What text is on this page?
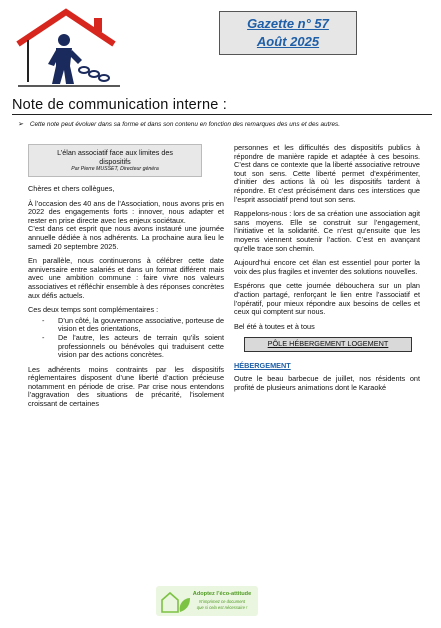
Gazette n° 57
Août 2025
Note de communication interne :
➢ Cette note peut évoluer dans sa forme et dans son contenu en fonction des remarques des uns et des autres.
L’élan associatif face aux limites des
dispositifs
Par Pierre MUSSET, Directeur généra
Chères et chers collègues,
À l’occasion des 40 ans de l’Association, nous avons pris en 2022 des engagements forts : innover, nous adapter et rester en prise directe avec les enjeux sociétaux.
C’est dans cet esprit que nous avons instauré une journée annuelle dédiée à nos adhérents. La prochaine aura lieu le samedi 20 septembre 2025.
En parallèle, nous continuerons à célébrer cette date anniversaire entre salariés et dans un format différent mais avec une ambition commune : faire vivre nos valeurs associatives et réfléchir ensemble à des réponses concrètes aux défis actuels.
Ces deux temps sont complémentaires :
-	D’un côté, la gouvernance associative, porteuse de vision et des orientations,
-	De l’autre, les acteurs de terrain qu’ils soient professionnels ou bénévoles qui traduisent cette vision par des actions concrètes.
Les adhérents moins contraints par les dispositifs réglementaires disposent d’une liberté d’action précieuse notamment en période de crise. Par crise nous entendons l’aggravation des situations de précarité, l’isolement croissant de certaines
personnes et les difficultés des dispositifs publics à répondre de manière rapide et adaptée à ces besoins. C’est dans ce contexte que la liberté associative retrouve tout son sens. Cette liberté permet d’expérimenter, d’initier des actions là où les dispositifs tardent à répondre. Et c’est précisément dans ces interstices que l’esprit associatif prend tout son sens.
Rappelons-nous : lors de sa création une association agit sans moyens. Elle se construit sur l’engagement, l’initiative et la solidarité. Ce n’est qu’ensuite que les moyens viennent soutenir l’action. C’est en avançant qu’elle trace son chemin.
Aujourd’hui encore cet élan est essentiel pour porter la voix des plus fragiles et inventer des solutions nouvelles.
Espérons que cette journée débouchera sur un plan d’action partagé, renforçant le lien entre l’associatif et l’opératif, pour mieux répondre aux besoins de celles et ceux qui comptent sur nous.
Bel été à toutes et à tous
PÔLE HÉBERGEMENT LOGEMENT
HÉBERGEMENT
Outre le beau barbecue de juillet, nos résidents ont profité de plusieurs animations dont le Karaoké
Adoptez l’éco-attitude
N’imprimez ce document
que si cela est nécessaire !
